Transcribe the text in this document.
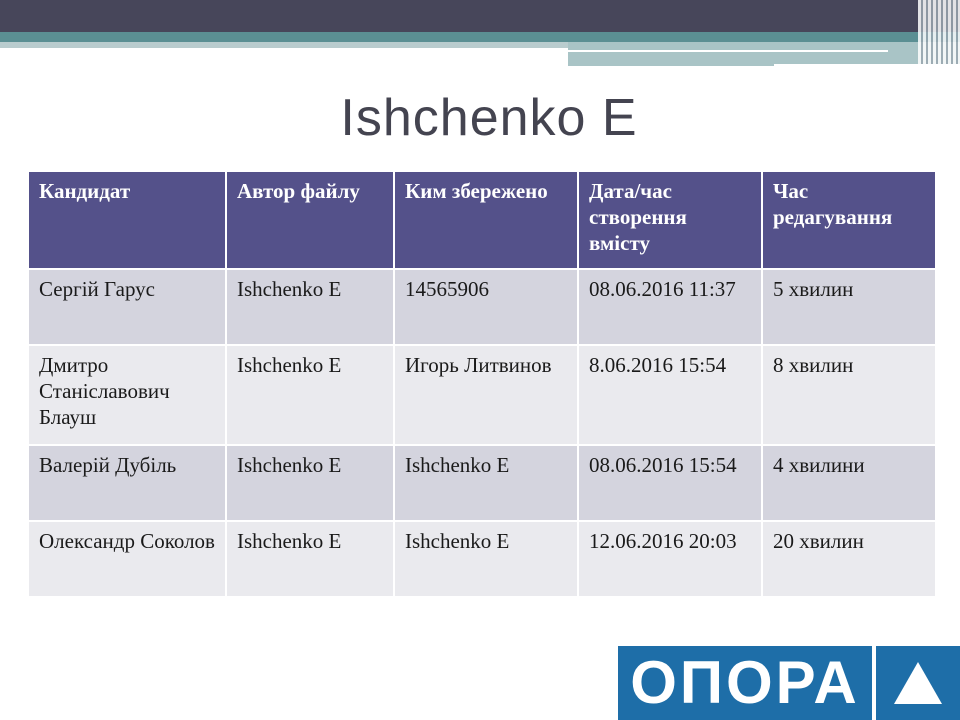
Ishchenko E
Кандидат	Автор файлу	Ким збережено	Дата/час створення вмісту	Час редагування
Сергій Гарус	Ishchenko E	14565906	08.06.2016 11:37	5 хвилин
Дмитро Станіславович Блауш	Ishchenko E	Игорь Литвинов	8.06.2016 15:54	8 хвилин
Валерій Дубіль	Ishchenko E	Ishchenko E	08.06.2016 15:54	4 хвилини
Олександр Соколов	Ishchenko E	Ishchenko E	12.06.2016 20:03	20 хвилин
ОПОРА
